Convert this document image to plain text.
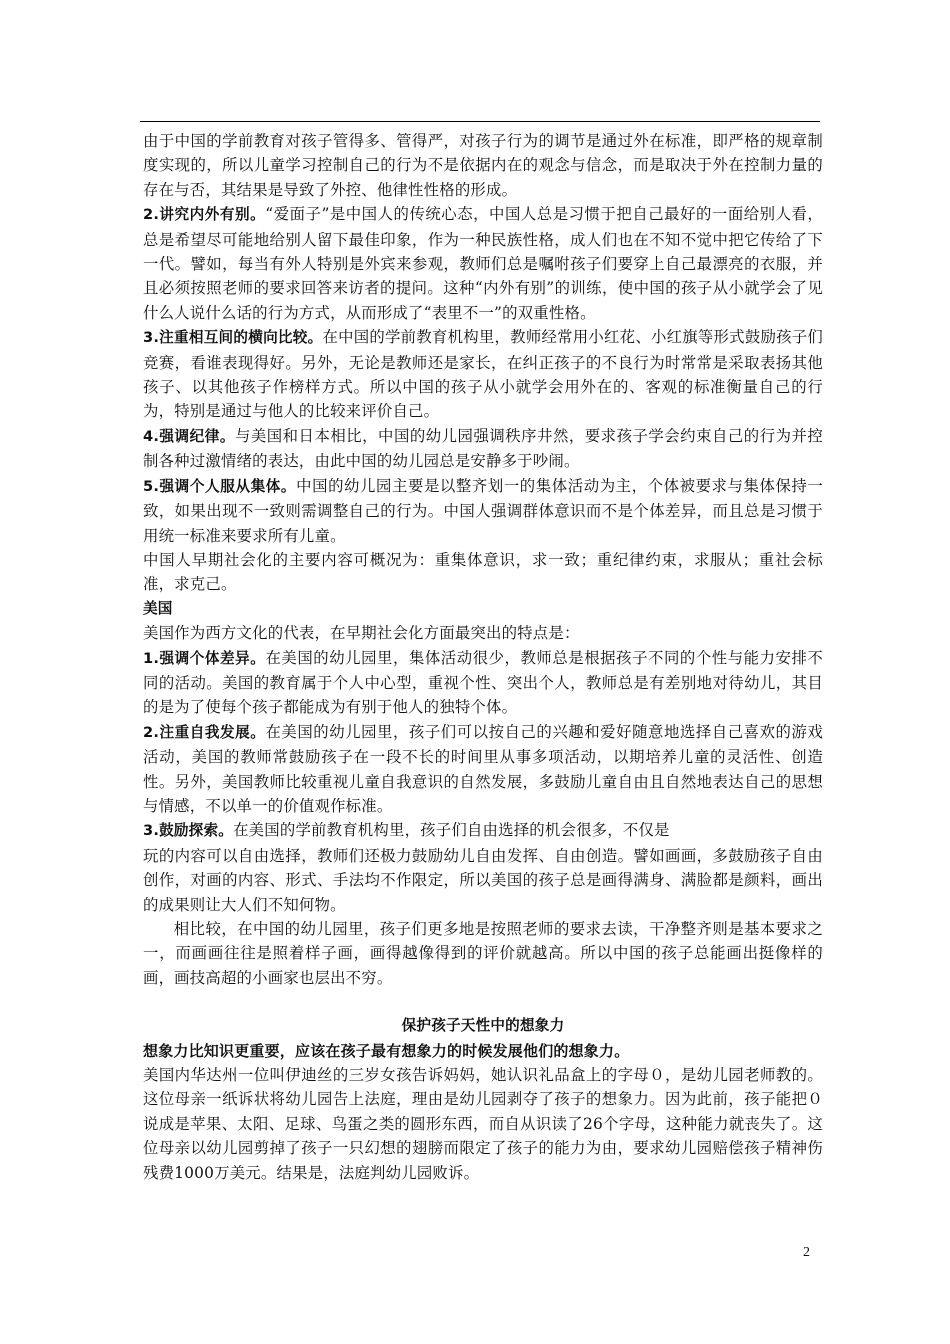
由于中国的学前教育对孩子管得多、管得严，对孩子行为的调节是通过外在标准，即严格的规章制度实现的，所以儿童学习控制自己的行为不是依据内在的观念与信念，而是取决于外在控制力量的存在与否，其结果是导致了外控、他律性性格的形成。

2.讲究内外有别。“爱面子”是中国人的传统心态，中国人总是习惯于把自己最好的一面给别人看，总是希望尽可能地给别人留下最佳印象，作为一种民族性格，成人们也在不知不觉中把它传给了下一代。譬如，每当有外人特别是外宾来参观，教师们总是嘱咐孩子们要穿上自己最漂亮的衣服，并且必须按照老师的要求回答来访者的提问。这种“内外有别”的训练，使中国的孩子从小就学会了见什么人说什么话的行为方式，从而形成了“表里不一”的双重性格。

3.注重相互间的横向比较。在中国的学前教育机构里，教师经常用小红花、小红旗等形式鼓励孩子们竞赛，看谁表现得好。另外，无论是教师还是家长，在纠正孩子的不良行为时常常是采取表扬其他孩子、以其他孩子作榜样方式。所以中国的孩子从小就学会用外在的、客观的标准衡量自己的行为，特别是通过与他人的比较来评价自己。

4.强调纪律。与美国和日本相比，中国的幼儿园强调秩序井然，要求孩子学会约束自己的行为并控制各种过激情绪的表达，由此中国的幼儿园总是安静多于吵闹。

5.强调个人服从集体。中国的幼儿园主要是以整齐划一的集体活动为主，个体被要求与集体保持一致，如果出现不一致则需调整自己的行为。中国人强调群体意识而不是个体差异，而且总是习惯于用统一标准来要求所有儿童。

中国人早期社会化的主要内容可概况为：重集体意识，求一致；重纪律约束，求服从；重社会标准，求克己。

美国

美国作为西方文化的代表，在早期社会化方面最突出的特点是：

1.强调个体差异。在美国的幼儿园里，集体活动很少，教师总是根据孩子不同的个性与能力安排不同的活动。美国的教育属于个人中心型，重视个性、突出个人，教师总是有差别地对待幼儿，其目的是为了使每个孩子都能成为有别于他人的独特个体。

2.注重自我发展。在美国的幼儿园里，孩子们可以按自己的兴趣和爱好随意地选择自己喜欢的游戏活动，美国的教师常鼓励孩子在一段不长的时间里从事多项活动，以期培养儿童的灵活性、创造性。另外，美国教师比较重视儿童自我意识的自然发展，多鼓励儿童自由且自然地表达自己的思想与情感，不以单一的价值观作标准。

3.鼓励探索。在美国的学前教育机构里，孩子们自由选择的机会很多，不仅是

玩的内容可以自由选择，教师们还极力鼓励幼儿自由发挥、自由创造。譬如画画，多鼓励孩子自由创作，对画的内容、形式、手法均不作限定，所以美国的孩子总是画得满身、满脸都是颜料，画出的成果则让大人们不知何物。

相比较，在中国的幼儿园里，孩子们更多地是按照老师的要求去读，干净整齐则是基本要求之一，而画画往往是照着样子画，画得越像得到的评价就越高。所以中国的孩子总能画出挺像样的画，画技高超的小画家也层出不穷。

保护孩子天性中的想象力

想象力比知识更重要，应该在孩子最有想象力的时候发展他们的想象力。

美国内华达州一位叫伊迪丝的三岁女孩告诉妈妈，她认识礼品盒上的字母０，是幼儿园老师教的。这位母亲一纸诉状将幼儿园告上法庭，理由是幼儿园剥夺了孩子的想象力。因为此前，孩子能把０说成是苹果、太阳、足球、鸟蛋之类的圆形东西，而自从识读了26个字母，这种能力就丧失了。这位母亲以幼儿园剪掉了孩子一只幻想的翅膀而限定了孩子的能力为由，要求幼儿园赔偿孩子精神伤残费1000万美元。结果是，法庭判幼儿园败诉。

2
